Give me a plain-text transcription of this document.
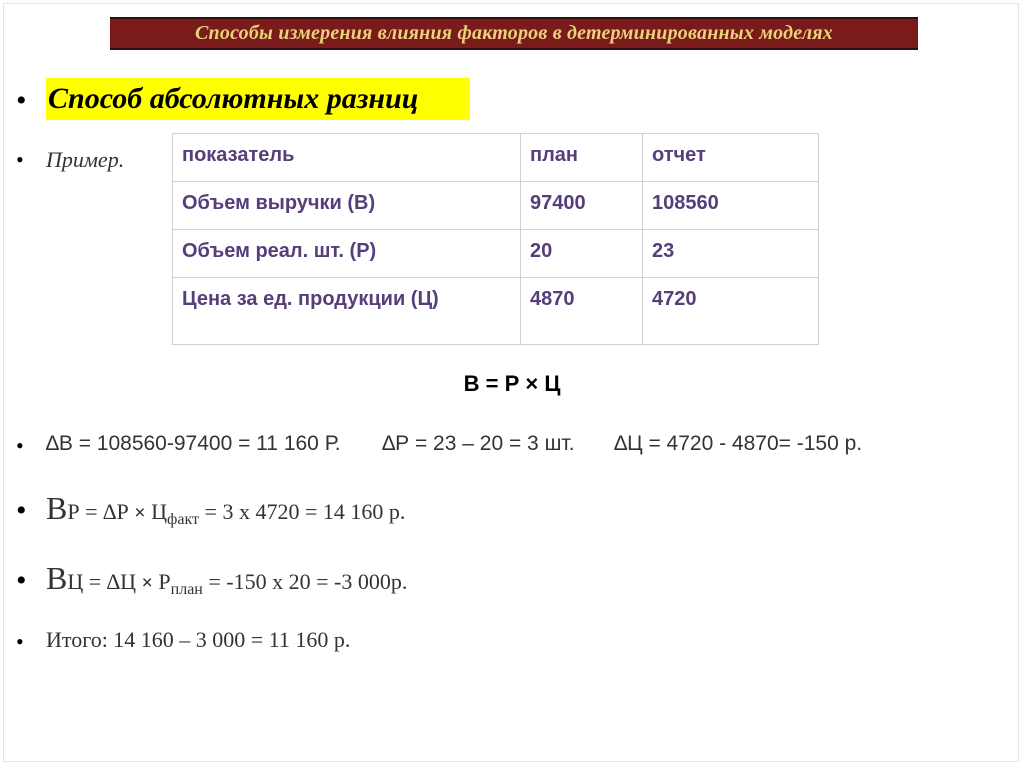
Способы измерения влияния факторов в детерминированных моделях
• Способ абсолютных разниц
• Пример.	показатель	план	отчет
Объем выручки (В)	97400	108560
Объем реал. шт. (Р)	20	23
Цена за ед. продукции (Ц)	4870	4720
В = Р × Ц
• ∆В = 108560-97400 = 11 160 Р. ∆Р = 23 – 20 = 3 шт. ∆Ц = 4720 - 4870= -150 р.
• ВР = $\Delta Р \times Ц_{факт} = 3$ х 4720 = 14 160 р.
• ВЦ = $\Delta Ц \times Р_{план} = -150$ х 20 = -3 000р.
• Итого: 14 160 – 3 000 = 11 160 р.
